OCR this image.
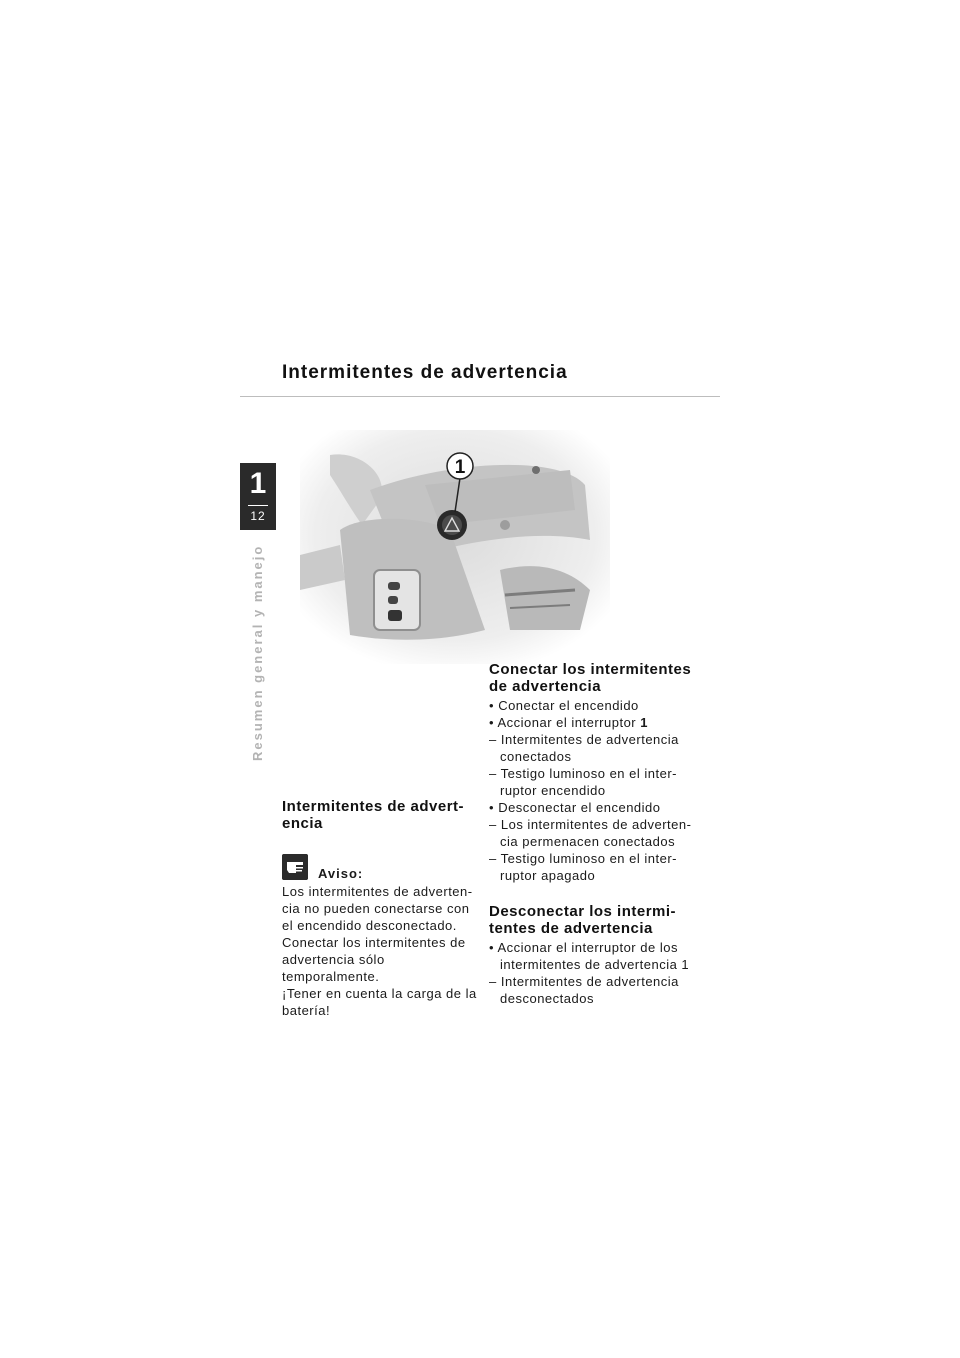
Intermitentes de advertencia
1
12
Resumen general y manejo
1
Intermitentes de advert-
encia
Aviso:

Los intermitentes de adverten-
cia no pueden conectarse con
el encendido desconectado.
Conectar los intermitentes de
advertencia sólo temporalmente.
¡Tener en cuenta la carga de la
batería!

Conectar los intermitentes
de advertencia
• Conectar el encendido
• Accionar el interruptor 1
– Intermitentes de advertencia conectados
– Testigo luminoso en el inter-ruptor encendido
• Desconectar el encendido
– Los intermitentes de adverten-cia permenacen conectados
– Testigo luminoso en el inter-ruptor apagado
Desconectar los intermi-
tentes de advertencia
• Accionar el interruptor de los intermitentes de advertencia 1
– Intermitentes de advertencia desconectados
